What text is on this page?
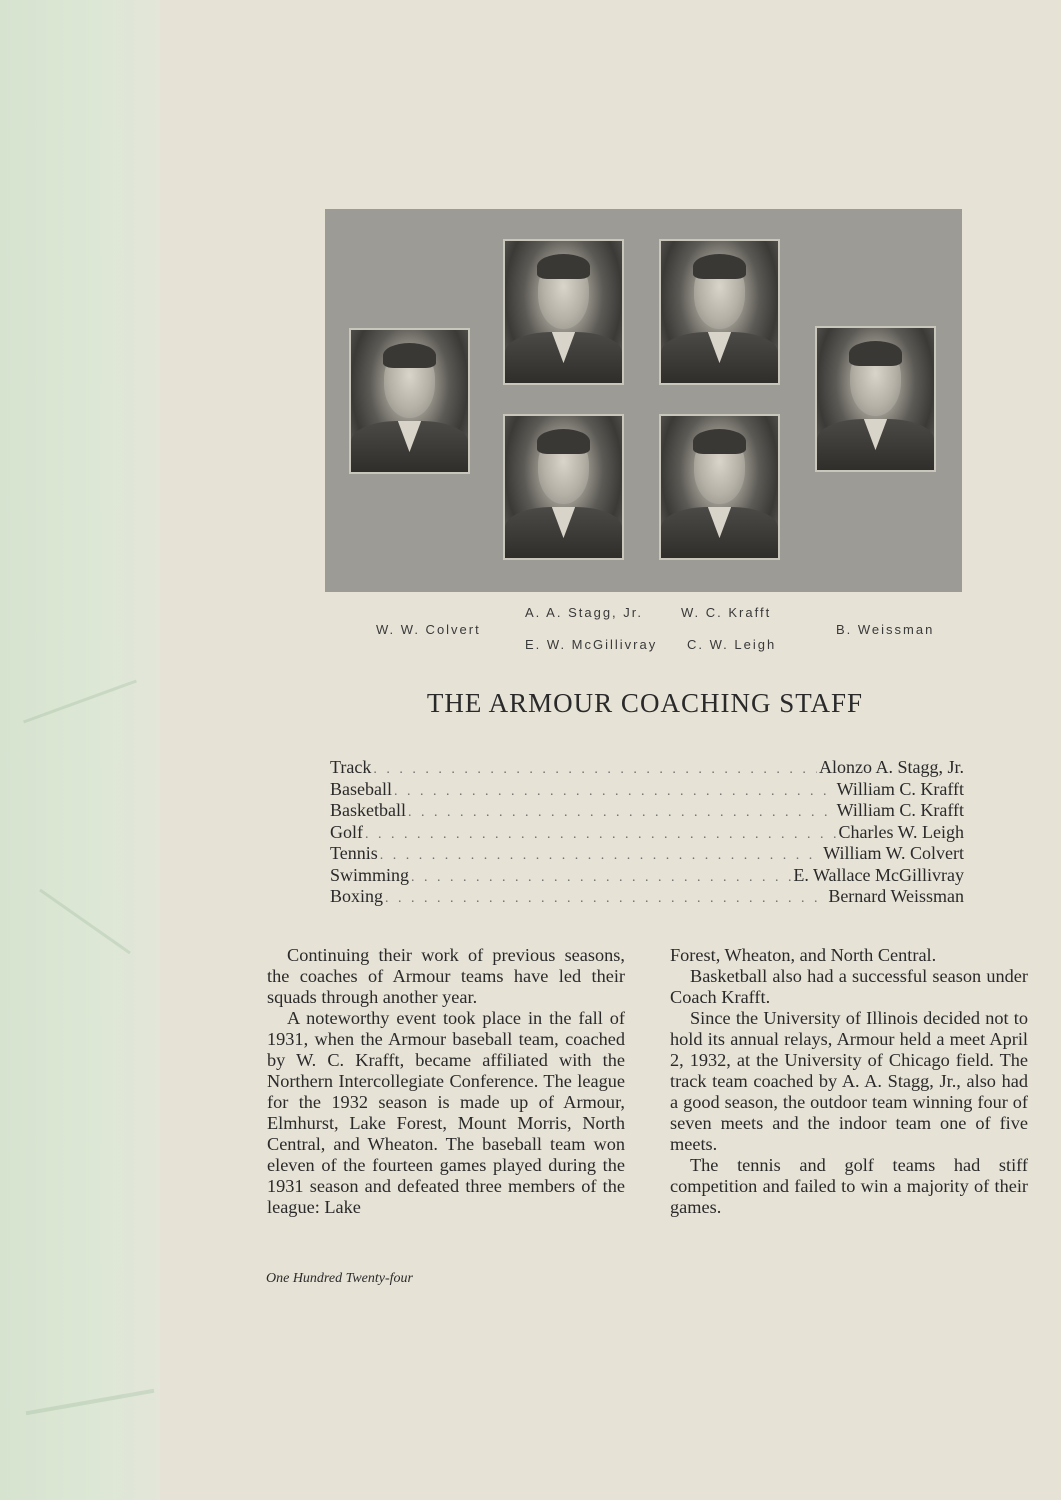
W. W. Colvert
A. A. Stagg, Jr.
E. W. McGillivray
W. C. Krafft
C. W. Leigh
B. Weissman
THE ARMOUR COACHING STAFF
Track . . .	Alonzo A. Stagg, Jr.
Baseball . . .	William C. Krafft
Basketball . . .	William C. Krafft
Golf . . .	Charles W. Leigh
Tennis . . .	William W. Colvert
Swimming . . .	E. Wallace McGillivray
Boxing . . .	Bernard Weissman

Continuing their work of previous seasons, the coaches of Armour teams have led their squads through another year.

A noteworthy event took place in the fall of 1931, when the Armour baseball team, coached by W. C. Krafft, became affiliated with the Northern Intercollegiate Conference. The league for the 1932 season is made up of Armour, Elmhurst, Lake Forest, Mount Morris, North Central, and Wheaton. The baseball team won eleven of the fourteen games played during the 1931 season and defeated three members of the league: Lake

Forest, Wheaton, and North Central.

Basketball also had a successful season under Coach Krafft.

Since the University of Illinois decided not to hold its annual relays, Armour held a meet April 2, 1932, at the University of Chicago field. The track team coached by A. A. Stagg, Jr., also had a good season, the outdoor team winning four of seven meets and the indoor team one of five meets.

The tennis and golf teams had stiff competition and failed to win a majority of their games.

One Hundred Twenty-four
